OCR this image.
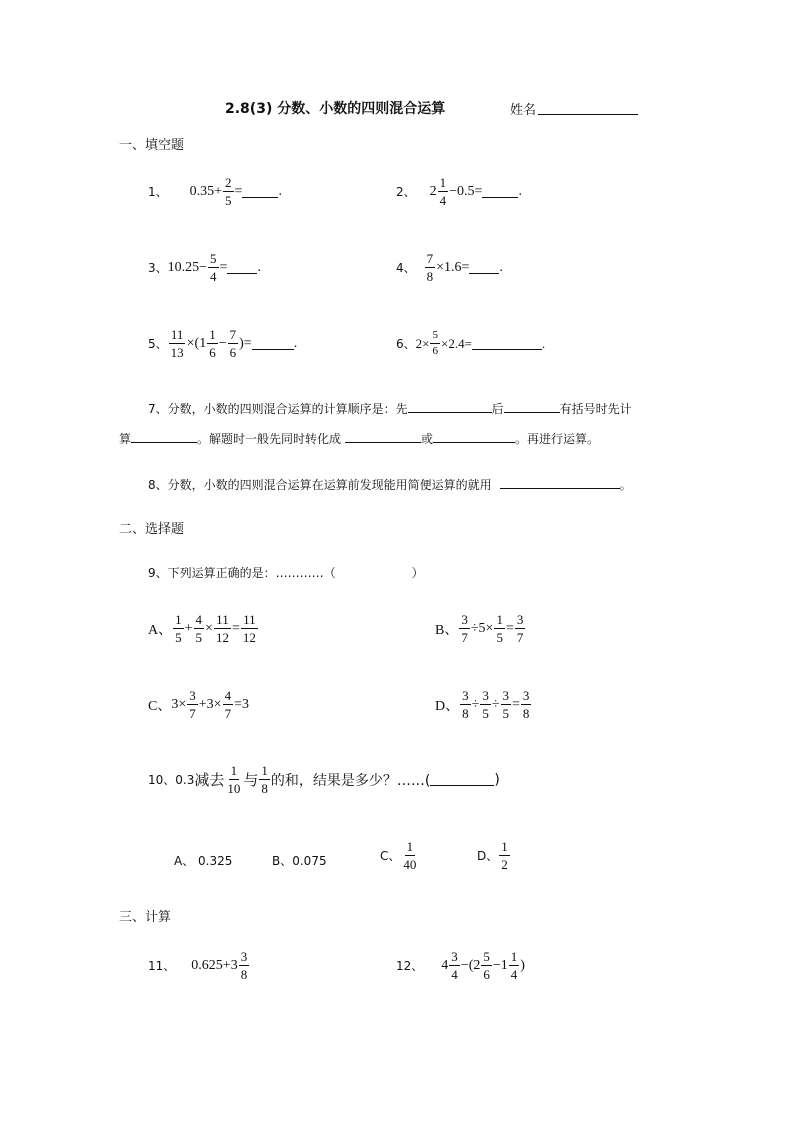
2.8(3) 分数、小数的四则混合运算	姓名
一、填空题
1、 $0.35 + \frac{2}{5}$ =	.	2、 $2 \frac{1}{4} - 0.5$ =	.
3、 $10.25 - \frac{5}{4}$ = .	4、 $\frac{7}{8} \times 1.6$ = .
5、 $\frac{11}{13}$ × ( $1 \frac{1}{6} - \frac{7}{6}$ ) =	.	6、 $2 \times \frac{5}{6} \times 2.4$ =	.
7、分数，小数的四则混合运算的计算顺序是：先	后	有括号时先计
算	。解题时一般先同时转化成	或	。再进行运算。
8、分数，小数的四则混合运算在运算前发现能用简便运算的就用	。
二、选择题
9、下列运算正确的是：…………（	）
A、 $\frac{1}{5} + \frac{4}{5} \times \frac{11}{12} = \frac{11}{12}$	B、 $\frac{3}{7} \div 5 \times \frac{1}{5} = \frac{3}{7}$
C、 $3 \times \frac{3}{7} + 3 \times \frac{4}{7} = 3$	D、 $\frac{3}{8} \div \frac{3}{5} \div \frac{3}{5} = \frac{3}{8}$
10、0.3 减去 $\frac{1}{10}$ 与 $\frac{1}{8}$ 的和，结果是多少？……(	)
A、 0.325	B、0.075	C、 $\frac{1}{40}$	D、 $\frac{1}{2}$
三、计算
11、 $0.625 + 3 \frac{3}{8}$	12、 $4 \frac{3}{4}$ − ( $2 \frac{5}{6} - 1 \frac{1}{4}$ )
